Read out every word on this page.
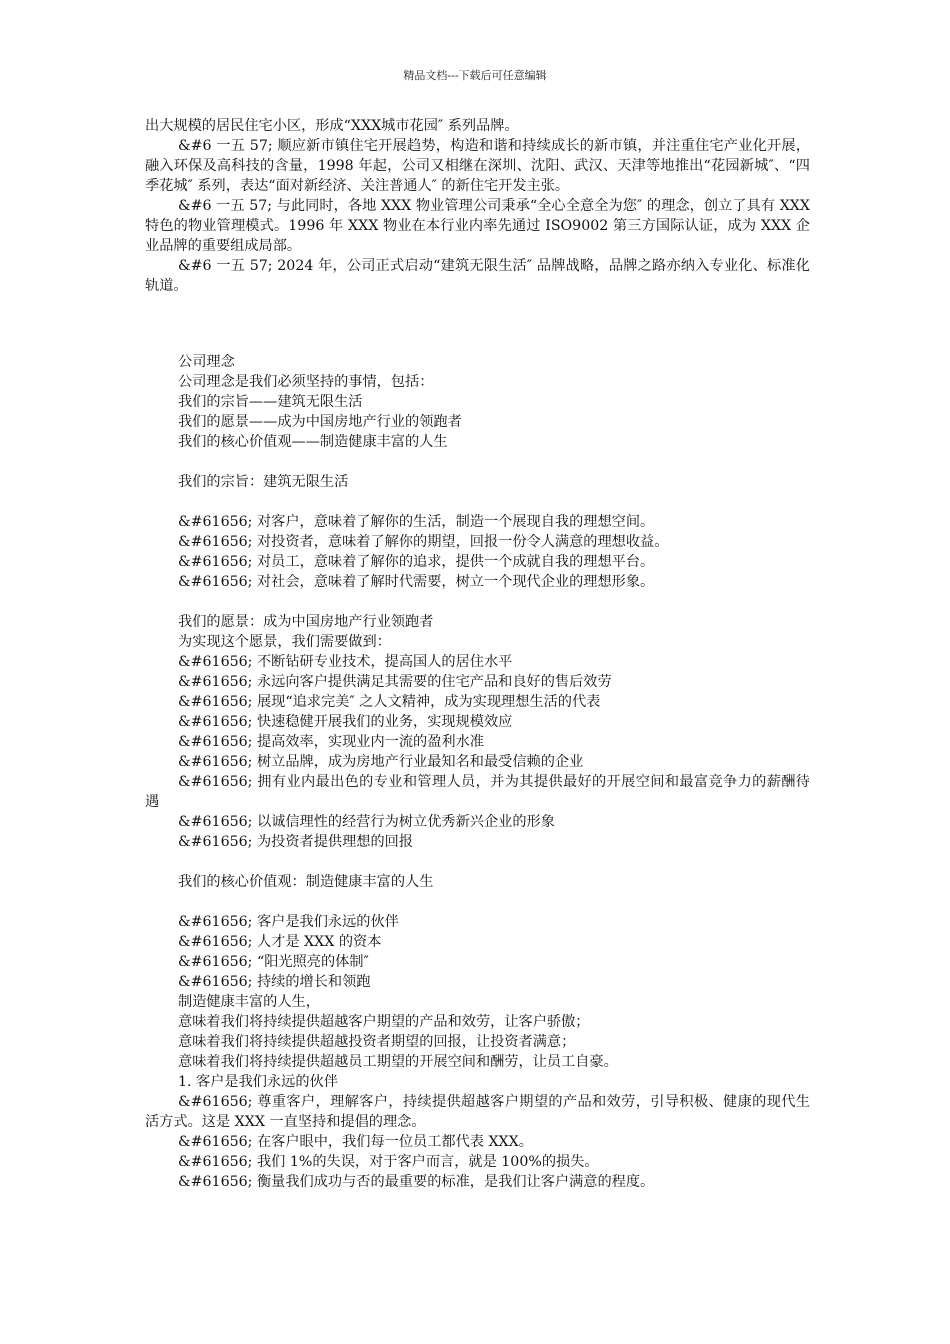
精品文档---下载后可任意编辑

出大规模的居民住宅小区，形成“XXX城市花园″ 系列品牌。

&#6 一五 57; 顺应新市镇住宅开展趋势，构造和谐和持续成长的新市镇，并注重住宅产业化开展，融入环保及高科技的含量，1998 年起，公司又相继在深圳、沈阳、武汉、天津等地推出“花园新城″、“四季花城″ 系列，表达“面对新经济、关注普通人″ 的新住宅开发主张。

&#6 一五 57; 与此同时，各地 XXX 物业管理公司秉承“全心全意全为您″ 的理念，创立了具有 XXX 特色的物业管理模式。1996 年 XXX 物业在本行业内率先通过 ISO9002 第三方国际认证，成为 XXX 企业品牌的重要组成局部。

&#6 一五 57; 2024 年，公司正式启动“建筑无限生活″ 品牌战略，品牌之路亦纳入专业化、标准化轨道。

公司理念

公司理念是我们必须坚持的事情，包括：

我们的宗旨——建筑无限生活

我们的愿景——成为中国房地产行业的领跑者

我们的核心价值观——制造健康丰富的人生

我们的宗旨：建筑无限生活

&#61656; 对客户，意味着了解你的生活，制造一个展现自我的理想空间。

&#61656; 对投资者，意味着了解你的期望，回报一份令人满意的理想收益。

&#61656; 对员工，意味着了解你的追求，提供一个成就自我的理想平台。

&#61656; 对社会，意味着了解时代需要，树立一个现代企业的理想形象。

我们的愿景：成为中国房地产行业领跑者

为实现这个愿景，我们需要做到：

&#61656; 不断钻研专业技术，提高国人的居住水平

&#61656; 永远向客户提供满足其需要的住宅产品和良好的售后效劳

&#61656; 展现“追求完美″ 之人文精神，成为实现理想生活的代表

&#61656; 快速稳健开展我们的业务，实现规模效应

&#61656; 提高效率，实现业内一流的盈利水准

&#61656; 树立品牌，成为房地产行业最知名和最受信赖的企业

&#61656; 拥有业内最出色的专业和管理人员，并为其提供最好的开展空间和最富竞争力的薪酬待遇

&#61656; 以诚信理性的经营行为树立优秀新兴企业的形象

&#61656; 为投资者提供理想的回报

我们的核心价值观：制造健康丰富的人生

&#61656; 客户是我们永远的伙伴

&#61656; 人才是 XXX 的资本

&#61656; “阳光照亮的体制″

&#61656; 持续的增长和领跑

制造健康丰富的人生，

意味着我们将持续提供超越客户期望的产品和效劳，让客户骄傲；

意味着我们将持续提供超越投资者期望的回报，让投资者满意；

意味着我们将持续提供超越员工期望的开展空间和酬劳，让员工自豪。

1. 客户是我们永远的伙伴

&#61656; 尊重客户，理解客户，持续提供超越客户期望的产品和效劳，引导积极、健康的现代生活方式。这是 XXX 一直坚持和提倡的理念。

&#61656; 在客户眼中，我们每一位员工都代表 XXX。

&#61656; 我们 1%的失误，对于客户而言，就是 100%的损失。

&#61656; 衡量我们成功与否的最重要的标准，是我们让客户满意的程度。
